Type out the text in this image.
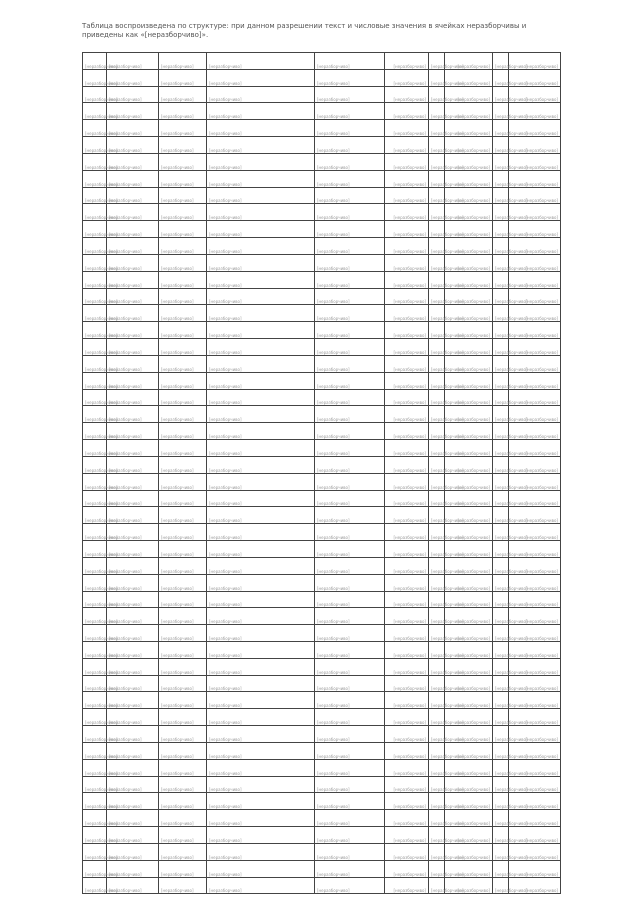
Таблица воспроизведена по структуре: при данном разрешении текст и числовые значения в ячейках неразборчивы и приведены как «[неразборчиво]».

[неразборчиво]	[неразборчиво]	[неразборчиво]	[неразборчиво]	[неразборчиво]	[неразборчиво]	[неразборчиво]	[неразборчиво]	[неразборчиво]	[неразборчиво]
[неразборчиво]	[неразборчиво]	[неразборчиво]	[неразборчиво]	[неразборчиво]	[неразборчиво]	[неразборчиво]	[неразборчиво]	[неразборчиво]	[неразборчиво]
[неразборчиво]	[неразборчиво]	[неразборчиво]	[неразборчиво]	[неразборчиво]	[неразборчиво]	[неразборчиво]	[неразборчиво]	[неразборчиво]	[неразборчиво]
[неразборчиво]	[неразборчиво]	[неразборчиво]	[неразборчиво]	[неразборчиво]	[неразборчиво]	[неразборчиво]	[неразборчиво]	[неразборчиво]	[неразборчиво]
[неразборчиво]	[неразборчиво]	[неразборчиво]	[неразборчиво]	[неразборчиво]	[неразборчиво]	[неразборчиво]	[неразборчиво]	[неразборчиво]	[неразборчиво]
[неразборчиво]	[неразборчиво]	[неразборчиво]	[неразборчиво]	[неразборчиво]	[неразборчиво]	[неразборчиво]	[неразборчиво]	[неразборчиво]	[неразборчиво]
[неразборчиво]	[неразборчиво]	[неразборчиво]	[неразборчиво]	[неразборчиво]	[неразборчиво]	[неразборчиво]	[неразборчиво]	[неразборчиво]	[неразборчиво]
[неразборчиво]	[неразборчиво]	[неразборчиво]	[неразборчиво]	[неразборчиво]	[неразборчиво]	[неразборчиво]	[неразборчиво]	[неразборчиво]	[неразборчиво]
[неразборчиво]	[неразборчиво]	[неразборчиво]	[неразборчиво]	[неразборчиво]	[неразборчиво]	[неразборчиво]	[неразборчиво]	[неразборчиво]	[неразборчиво]
[неразборчиво]	[неразборчиво]	[неразборчиво]	[неразборчиво]	[неразборчиво]	[неразборчиво]	[неразборчиво]	[неразборчиво]	[неразборчиво]	[неразборчиво]
[неразборчиво]	[неразборчиво]	[неразборчиво]	[неразборчиво]	[неразборчиво]	[неразборчиво]	[неразборчиво]	[неразборчиво]	[неразборчиво]	[неразборчиво]
[неразборчиво]	[неразборчиво]	[неразборчиво]	[неразборчиво]	[неразборчиво]	[неразборчиво]	[неразборчиво]	[неразборчиво]	[неразборчиво]	[неразборчиво]
[неразборчиво]	[неразборчиво]	[неразборчиво]	[неразборчиво]	[неразборчиво]	[неразборчиво]	[неразборчиво]	[неразборчиво]	[неразборчиво]	[неразборчиво]
[неразборчиво]	[неразборчиво]	[неразборчиво]	[неразборчиво]	[неразборчиво]	[неразборчиво]	[неразборчиво]	[неразборчиво]	[неразборчиво]	[неразборчиво]
[неразборчиво]	[неразборчиво]	[неразборчиво]	[неразборчиво]	[неразборчиво]	[неразборчиво]	[неразборчиво]	[неразборчиво]	[неразборчиво]	[неразборчиво]
[неразборчиво]	[неразборчиво]	[неразборчиво]	[неразборчиво]	[неразборчиво]	[неразборчиво]	[неразборчиво]	[неразборчиво]	[неразборчиво]	[неразборчиво]
[неразборчиво]	[неразборчиво]	[неразборчиво]	[неразборчиво]	[неразборчиво]	[неразборчиво]	[неразборчиво]	[неразборчиво]	[неразборчиво]	[неразборчиво]
[неразборчиво]	[неразборчиво]	[неразборчиво]	[неразборчиво]	[неразборчиво]	[неразборчиво]	[неразборчиво]	[неразборчиво]	[неразборчиво]	[неразборчиво]
[неразборчиво]	[неразборчиво]	[неразборчиво]	[неразборчиво]	[неразборчиво]	[неразборчиво]	[неразборчиво]	[неразборчиво]	[неразборчиво]	[неразборчиво]
[неразборчиво]	[неразборчиво]	[неразборчиво]	[неразборчиво]	[неразборчиво]	[неразборчиво]	[неразборчиво]	[неразборчиво]	[неразборчиво]	[неразборчиво]
[неразборчиво]	[неразборчиво]	[неразборчиво]	[неразборчиво]	[неразборчиво]	[неразборчиво]	[неразборчиво]	[неразборчиво]	[неразборчиво]	[неразборчиво]
[неразборчиво]	[неразборчиво]	[неразборчиво]	[неразборчиво]	[неразборчиво]	[неразборчиво]	[неразборчиво]	[неразборчиво]	[неразборчиво]	[неразборчиво]
[неразборчиво]	[неразборчиво]	[неразборчиво]	[неразборчиво]	[неразборчиво]	[неразборчиво]	[неразборчиво]	[неразборчиво]	[неразборчиво]	[неразборчиво]
[неразборчиво]	[неразборчиво]	[неразборчиво]	[неразборчиво]	[неразборчиво]	[неразборчиво]	[неразборчиво]	[неразборчиво]	[неразборчиво]	[неразборчиво]
[неразборчиво]	[неразборчиво]	[неразборчиво]	[неразборчиво]	[неразборчиво]	[неразборчиво]	[неразборчиво]	[неразборчиво]	[неразборчиво]	[неразборчиво]
[неразборчиво]	[неразборчиво]	[неразборчиво]	[неразборчиво]	[неразборчиво]	[неразборчиво]	[неразборчиво]	[неразборчиво]	[неразборчиво]	[неразборчиво]
[неразборчиво]	[неразборчиво]	[неразборчиво]	[неразборчиво]	[неразборчиво]	[неразборчиво]	[неразборчиво]	[неразборчиво]	[неразборчиво]	[неразборчиво]
[неразборчиво]	[неразборчиво]	[неразборчиво]	[неразборчиво]	[неразборчиво]	[неразборчиво]	[неразборчиво]	[неразборчиво]	[неразборчиво]	[неразборчиво]
[неразборчиво]	[неразборчиво]	[неразборчиво]	[неразборчиво]	[неразборчиво]	[неразборчиво]	[неразборчиво]	[неразборчиво]	[неразборчиво]	[неразборчиво]
[неразборчиво]	[неразборчиво]	[неразборчиво]	[неразборчиво]	[неразборчиво]	[неразборчиво]	[неразборчиво]	[неразборчиво]	[неразборчиво]	[неразборчиво]
[неразборчиво]	[неразборчиво]	[неразборчиво]	[неразборчиво]	[неразборчиво]	[неразборчиво]	[неразборчиво]	[неразборчиво]	[неразборчиво]	[неразборчиво]
[неразборчиво]	[неразборчиво]	[неразборчиво]	[неразборчиво]	[неразборчиво]	[неразборчиво]	[неразборчиво]	[неразборчиво]	[неразборчиво]	[неразборчиво]
[неразборчиво]	[неразборчиво]	[неразборчиво]	[неразборчиво]	[неразборчиво]	[неразборчиво]	[неразборчиво]	[неразборчиво]	[неразборчиво]	[неразборчиво]
[неразборчиво]	[неразборчиво]	[неразборчиво]	[неразборчиво]	[неразборчиво]	[неразборчиво]	[неразборчиво]	[неразборчиво]	[неразборчиво]	[неразборчиво]
[неразборчиво]	[неразборчиво]	[неразборчиво]	[неразборчиво]	[неразборчиво]	[неразборчиво]	[неразборчиво]	[неразборчиво]	[неразборчиво]	[неразборчиво]
[неразборчиво]	[неразборчиво]	[неразборчиво]	[неразборчиво]	[неразборчиво]	[неразборчиво]	[неразборчиво]	[неразборчиво]	[неразборчиво]	[неразборчиво]
[неразборчиво]	[неразборчиво]	[неразборчиво]	[неразборчиво]	[неразборчиво]	[неразборчиво]	[неразборчиво]	[неразборчиво]	[неразборчиво]	[неразборчиво]
[неразборчиво]	[неразборчиво]	[неразборчиво]	[неразборчиво]	[неразборчиво]	[неразборчиво]	[неразборчиво]	[неразборчиво]	[неразборчиво]	[неразборчиво]
[неразборчиво]	[неразборчиво]	[неразборчиво]	[неразборчиво]	[неразборчиво]	[неразборчиво]	[неразборчиво]	[неразборчиво]	[неразборчиво]	[неразборчиво]
[неразборчиво]	[неразборчиво]	[неразборчиво]	[неразборчиво]	[неразборчиво]	[неразборчиво]	[неразборчиво]	[неразборчиво]	[неразборчиво]	[неразборчиво]
[неразборчиво]	[неразборчиво]	[неразборчиво]	[неразборчиво]	[неразборчиво]	[неразборчиво]	[неразборчиво]	[неразборчиво]	[неразборчиво]	[неразборчиво]
[неразборчиво]	[неразборчиво]	[неразборчиво]	[неразборчиво]	[неразборчиво]	[неразборчиво]	[неразборчиво]	[неразборчиво]	[неразборчиво]	[неразборчиво]
[неразборчиво]	[неразборчиво]	[неразборчиво]	[неразборчиво]	[неразборчиво]	[неразборчиво]	[неразборчиво]	[неразборчиво]	[неразборчиво]	[неразборчиво]
[неразборчиво]	[неразборчиво]	[неразборчиво]	[неразборчиво]	[неразборчиво]	[неразборчиво]	[неразборчиво]	[неразборчиво]	[неразборчиво]	[неразборчиво]
[неразборчиво]	[неразборчиво]	[неразборчиво]	[неразборчиво]	[неразборчиво]	[неразборчиво]	[неразборчиво]	[неразборчиво]	[неразборчиво]	[неразборчиво]
[неразборчиво]	[неразборчиво]	[неразборчиво]	[неразборчиво]	[неразборчиво]	[неразборчиво]	[неразборчиво]	[неразборчиво]	[неразборчиво]	[неразборчиво]
[неразборчиво]	[неразборчиво]	[неразборчиво]	[неразборчиво]	[неразборчиво]	[неразборчиво]	[неразборчиво]	[неразборчиво]	[неразборчиво]	[неразборчиво]
[неразборчиво]	[неразборчиво]	[неразборчиво]	[неразборчиво]	[неразборчиво]	[неразборчиво]	[неразборчиво]	[неразборчиво]	[неразборчиво]	[неразборчиво]
[неразборчиво]	[неразборчиво]	[неразборчиво]	[неразборчиво]	[неразборчиво]	[неразборчиво]	[неразборчиво]	[неразборчиво]	[неразборчиво]	[неразборчиво]
[неразборчиво]	[неразборчиво]	[неразборчиво]	[неразборчиво]	[неразборчиво]	[неразборчиво]	[неразборчиво]	[неразборчиво]	[неразборчиво]	[неразборчиво]
